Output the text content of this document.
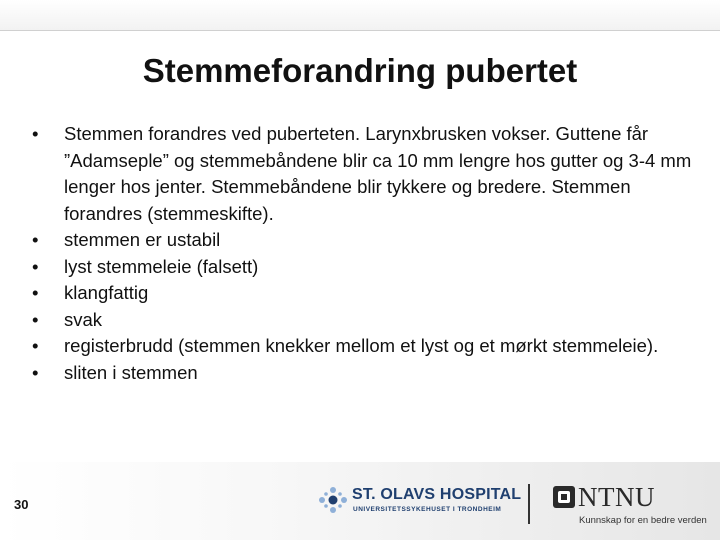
Stemmeforandring pubertet
• Stemmen forandres ved puberteten. Larynxbrusken vokser. Guttene får ”Adamseple” og stemmebåndene blir ca 10 mm lengre hos gutter og 3-4 mm lenger hos jenter. Stemmebåndene blir tykkere og bredere. Stemmen forandres (stemmeskifte).
• stemmen er ustabil
• lyst stemmeleie (falsett)
• klangfattig
• svak
• registerbrudd (stemmen knekker mellom et lyst og et mørkt stemmeleie).
• sliten i stemmen
30
ST. OLAVS HOSPITAL
UNIVERSITETSSYKEHUSET I TRONDHEIM	NTNU
Kunnskap for en bedre verden
